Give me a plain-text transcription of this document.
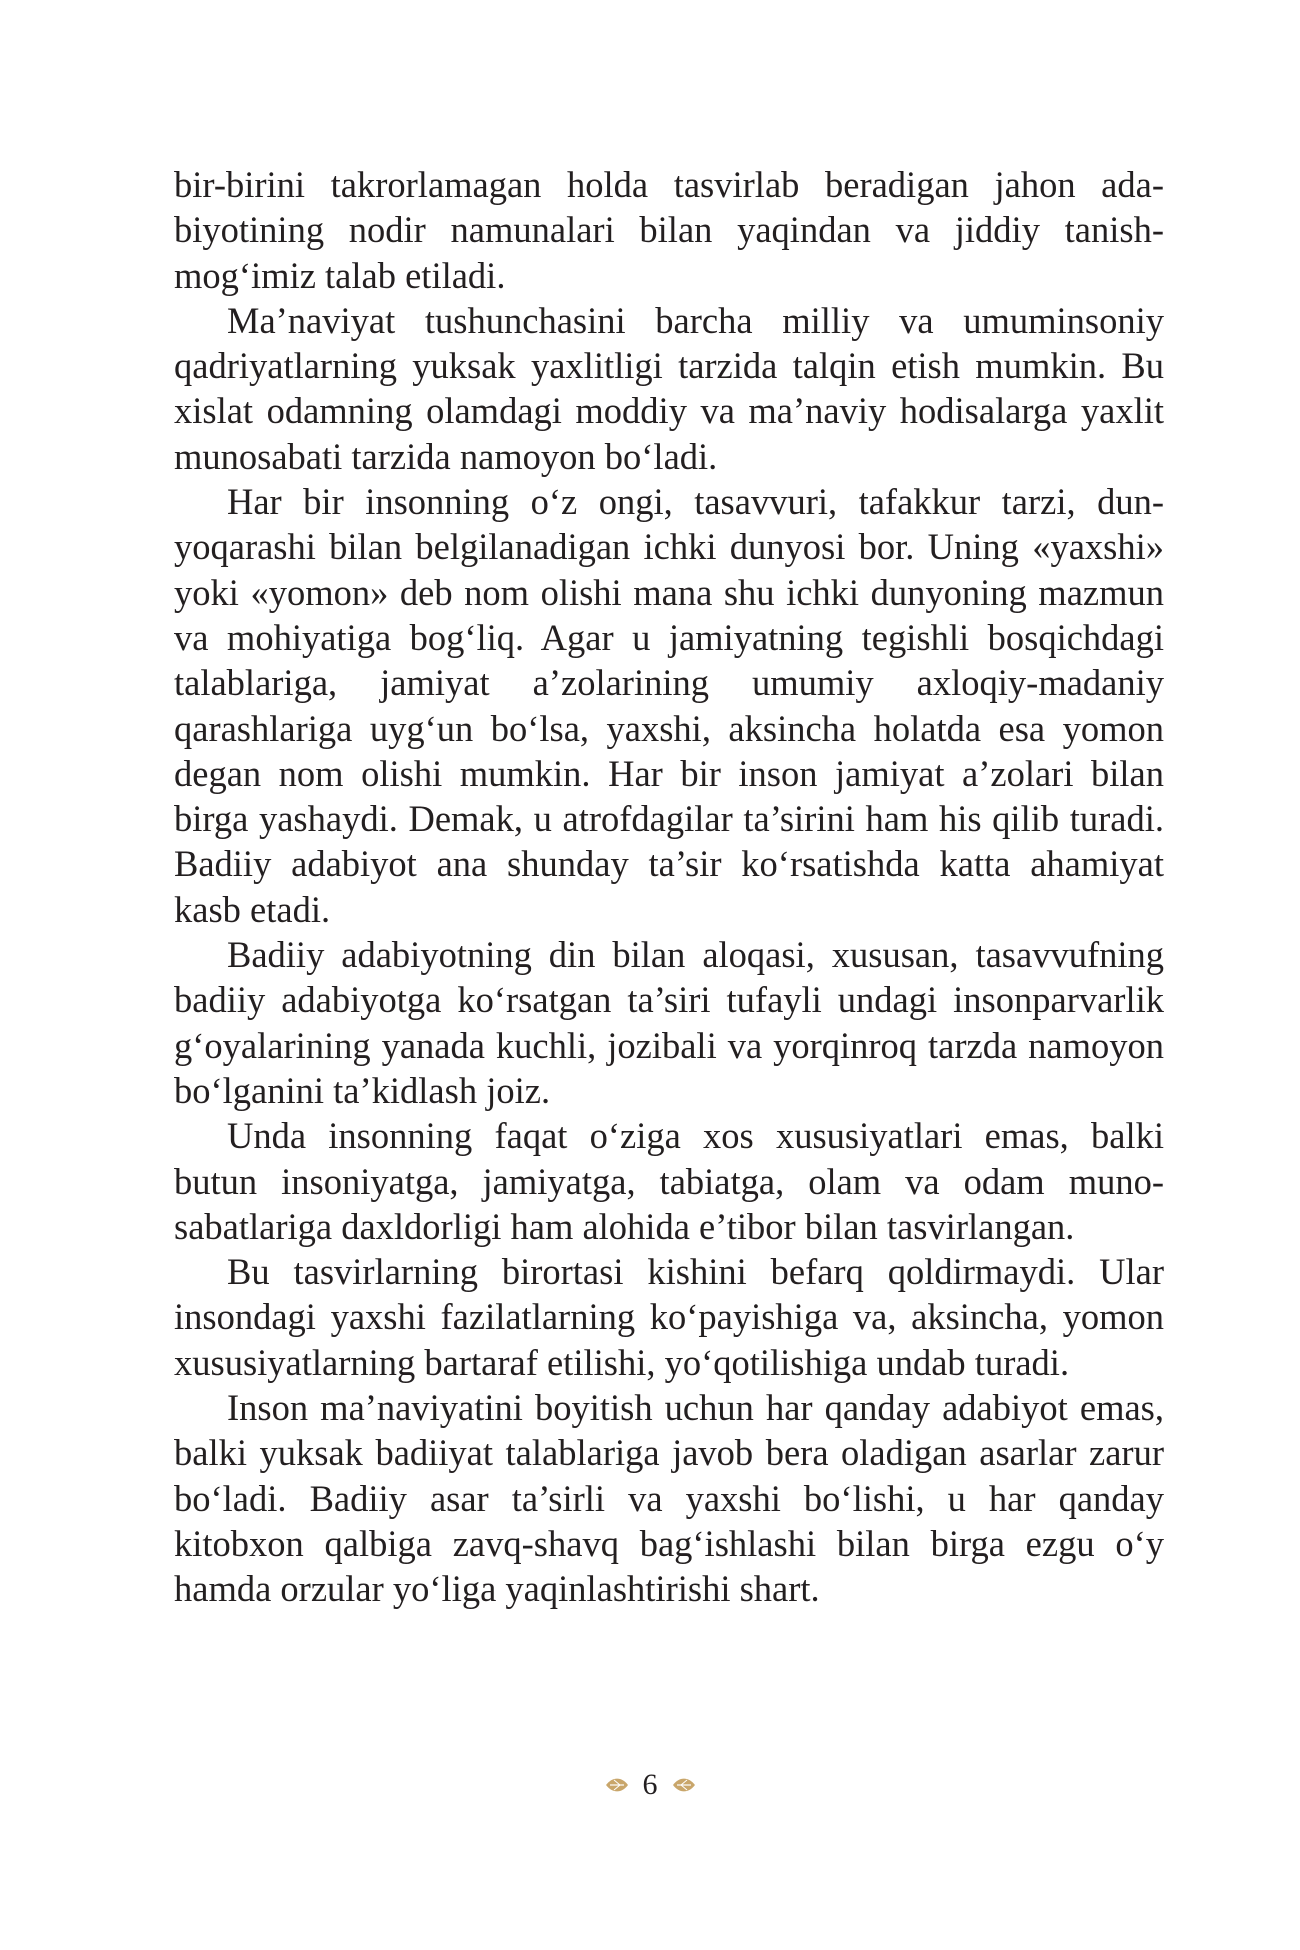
bir-birini takrorlamagan holda tasvirlab beradigan jahon adabiyotining nodir namunalari bilan yaqindan va jiddiy tanishmog‘imiz talab etiladi.

Ma’naviyat tushunchasini barcha milliy va umuminsoniy qadriyatlarning yuksak yaxlitligi tarzida talqin etish mumkin. Bu xislat odamning olamdagi moddiy va ma’naviy hodisalarga yaxlit munosabati tarzida namoyon bo‘ladi.

Har bir insonning o‘z ongi, tasavvuri, tafakkur tarzi, dunyoqarashi bilan belgilanadigan ichki dunyosi bor. Uning «yaxshi» yoki «yomon» deb nom olishi mana shu ichki dunyoning mazmun va mohiyatiga bog‘liq. Agar u jamiyatning tegishli bosqichdagi talablariga, jamiyat a’zolarining umumiy axloqiy-madaniy qarashlariga uyg‘un bo‘lsa, yaxshi, aksincha holatda esa yomon degan nom olishi mumkin. Har bir inson jamiyat a’zolari bilan birga yashaydi. Demak, u atrofdagilar ta’sirini ham his qilib turadi. Badiiy adabiyot ana shunday ta’sir ko‘rsatishda katta ahamiyat kasb etadi.

Badiiy adabiyotning din bilan aloqasi, xususan, tasavvufning badiiy adabiyotga ko‘rsatgan ta’siri tufayli undagi insonparvarlik g‘oyalarining yanada kuchli, jozibali va yorqinroq tarzda namoyon bo‘lganini ta’kidlash joiz.

Unda insonning faqat o‘ziga xos xususiyatlari emas, balki butun insoniyatga, jamiyatga, tabiatga, olam va odam munosabatlariga daxldorligi ham alohida e’tibor bilan tasvirlangan.

Bu tasvirlarning birortasi kishini befarq qoldirmaydi. Ular insondagi yaxshi fazilatlarning ko‘payishiga va, aksincha, yomon xususiyatlarning bartaraf etilishi, yo‘qotilishiga undab turadi.

Inson ma’naviyatini boyitish uchun har qanday adabiyot emas, balki yuksak badiiyat talablariga javob bera oladigan asarlar zarur bo‘ladi. Badiiy asar ta’sirli va yaxshi bo‘lishi, u har qanday kitobxon qalbiga zavq-shavq bag‘ishlashi bilan birga ezgu o‘y hamda orzular yo‘liga yaqinlashtirishi shart.

6
